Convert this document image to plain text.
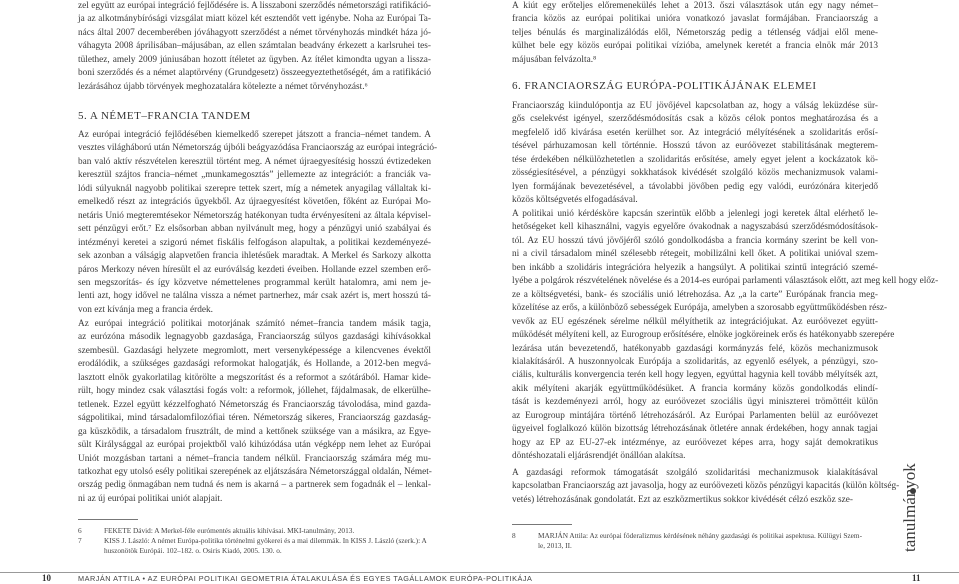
zel együtt az európai integráció fejlődésére is. A lisszaboni szerződés németországi ratifikáció-
ja az alkotmánybírósági vizsgálat miatt közel két esztendőt vett igénybe. Noha az Európai Ta-
nács által 2007 decemberében jóváhagyott szerződést a német törvényhozás mindkét háza jó-
váhagyta 2008 áprilisában–májusában, az ellen számtalan beadvány érkezett a karlsruhei tes-
tülethez, amely 2009 júniusában hozott ítéletet az ügyben. Az ítélet kimondta ugyan a lissza-
boni szerződés és a német alaptörvény (Grundgesetz) összeegyeztethetőségét, ám a ratifikáció
lezárásához újabb törvények meghozatalára kötelezte a német törvényhozást.⁶
5. A NÉMET–FRANCIA TANDEM
Az európai integráció fejlődésében kiemelkedő szerepet játszott a francia–német tandem. A
vesztes világháború után Németország újbóli beágyazódása Franciaország az európai integráció-
ban való aktív részvételen keresztül történt meg. A német újraegyesítésig hosszú évtizedeken
keresztül szájtos francia–német „munkamegosztás” jellemezte az integrációt: a franciák va-
lódi súlyuknál nagyobb politikai szerepre tettek szert, míg a németek anyagilag vállaltak ki-
emelkedő részt az integrációs ügyekből. Az újraegyesítést követően, főként az Európai Mo-
netáris Unió megteremtésekor Németország hatékonyan tudta érvényesíteni az általa képvisel-
sett pénzügyi erőt.⁷ Ez elsősorban abban nyilvánult meg, hogy a pénzügyi unió szabályai és
intézményi keretei a szigorú német fiskális felfogáson alapultak, a politikai kezdeményezé-
sek azonban a válságig alapvetően francia ihletésűek maradtak. A Merkel és Sarkozy alkotta
páros Merkozy néven híresült el az euróválság kezdeti éveiben. Hollande ezzel szemben erő-
sen megszorítás- és így közvetve némettelenes programmal került hatalomra, ami nem je-
lenti azt, hogy idővel ne találna vissza a német partnerhez, már csak azért is, mert hosszú tá-
von ezt kívánja meg a francia érdek.
Az európai integráció politikai motorjának számító német–francia tandem másik tagja,
az eurózóna második legnagyobb gazdasága, Franciaország súlyos gazdasági kihívásokkal
szembesül. Gazdasági helyzete megromlott, mert versenyképessége a kilencvenes évektől
erodálódik, a szükséges gazdasági reformokat halogatják, és Hollande, a 2012-ben megvá-
lasztott elnök gyakorlatilag kitörölte a megszorítást és a reformot a szótárából. Hamar kide-
rült, hogy mindez csak választási fogás volt: a reformok, jóllehet, fájdalmasak, de elkerülhe-
tetlenek. Ezzel együtt kézzelfogható Németország és Franciaország távolodása, mind gazda-
ságpolitikai, mind társadalomfilozófiai téren. Németország sikeres, Franciaország gazdaság-
ga küszködik, a társadalom frusztrált, de mind a kettőnek szüksége van a másikra, az Egye-
sült Királysággal az európai projektből való kihúzódása után végképp nem lehet az Európai
Uniót mozgásban tartani a német–francia tandem nélkül. Franciaország számára még mu-
tatkozhat egy utolsó esély politikai szerepének az eljátszására Németországgal oldalán, Német-
ország pedig önmagában nem tudná és nem is akarná – a partnerek sem fogadnák el – lenkal-
ni az új európai politikai uniót alapjait.
6	FEKETE Dávid: A Merkel-féle eurómentés aktuális kihívásai. MKI-tanulmány, 2013.
7	KISS J. László: A német Európa-politika történelmi gyökerei és a mai dilemmák. In KISS J. László (szerk.): A
huszonötök Európái. 102–182. o. Osiris Kiadó, 2005. 130. o.
A kiút egy erőteljes előremenekülés lehet a 2013. őszi választások után egy nagy német–
francia közös az európai politikai unióra vonatkozó javaslat formájában. Franciaország a
teljes bénulás és marginalizálódás elől, Németország pedig a tétlenség vádjai elől mene-
külhet bele egy közös európai politikai vízióba, amelynek keretét a francia elnök már 2013
májusában felvázolta.⁸
6. FRANCIAORSZÁG EURÓPA-POLITIKÁJÁNAK ELEMEI
Franciaország kiindulópontja az EU jövőjével kapcsolatban az, hogy a válság leküzdése sür-
gős cselekvést igényel, szerződésmódosítás csak a közös célok pontos meghatározása és a
megfelelő idő kivárása esetén kerülhet sor. Az integráció mélyítésének a szolidaritás erősí-
tésével párhuzamosan kell történnie. Hosszú távon az euróövezet stabilitásának megterem-
tése érdekében nélkülözhetetlen a szolidaritás erősítése, amely egyet jelent a kockázatok kö-
zösségiesítésével, a pénzügyi sokkhatások kivédését szolgáló közös mechanizmusok valami-
lyen formájának bevezetésével, a távolabbi jövőben pedig egy valódi, eurózónára kiterjedő
közös költségvetés elfogadásával.
A politikai unió kérdésköre kapcsán szerintük előbb a jelenlegi jogi keretek által elérhető le-
hetőségeket kell kihasználni, vagyis egyelőre óvakodnak a nagyszabású szerződésmódosítások-
tól. Az EU hosszú távú jövőjéről szóló gondolkodásba a francia kormány szerint be kell von-
ni a civil társadalom minél szélesebb rétegeit, mobilizálni kell őket. A politikai unióval szem-
ben inkább a szolidáris integrációra helyezik a hangsúlyt. A politikai szintű integráció szemé-
lyébe a polgárok részvételének növelése és a 2014-es európai parlamenti választások előtt, azt meg kell hogy előz-
ze a költségvetési, bank- és szociális unió létrehozása. Az „a la carte” Európának francia meg-
közelítése az erős, a különböző sebességek Európája, amelyben a szorosabb együttműködésben rész-
vevők az EU egészének sérelme nélkül mélyíthetik az integrációjukat. Az euróövezet együtt-
működését mélyíteni kell, az Eurogroup erősítésére, elnöke jogköreinek erős és hatékonyabb szerepére
lezárása után bevezetendő, hatékonyabb gazdasági kormányzás felé, közös mechanizmusok
kialakításáról. A huszonnyolcak Európája a szolidaritás, az egyenlő esélyek, a pénzügyi, szo-
ciális, kulturális konvergencia terén kell hogy legyen, egyúttal hagynia kell tovább mélyítsék azt,
akik mélyíteni akarják együttműködésüket. A francia kormány közös gondolkodás elindí-
tását is kezdeményezi arról, hogy az euróövezet szociális ügyi miniszterei trömöttéit külön
az Eurogroup mintájára történő létrehozásáról. Az Európai Parlamenten belül az euróövezet
ügyeivel foglalkozó külön bizottság létrehozásának ötletére annak érdekében, hogy annak tagjai
hogy az EP az EU-27-ek intézménye, az euróövezet képes arra, hogy saját demokratikus
döntéshozatali eljárásrendjét önállóan alakítsa.
A gazdasági reformok támogatását szolgáló szolidaritási mechanizmusok kialakításával
kapcsolatban Franciaország azt javasolja, hogy az euróövezeti közös pénzügyi kapacitás (külön költség-
vetés) létrehozásának gondolatát. Ezt az eszközmertikus sokkor kivédését célzó eszköz sze-
8	MARJÁN Attila: Az európai föderalizmus kérdésének néhány gazdasági és politikai aspektusa. Külügyi Szem-
le, 2013, II.	tanulmányok
10	MARJÁN ATTILA • AZ EURÓPAI POLITIKAI GEOMETRIA ÁTALAKULÁSA ÉS EGYES TAGÁLLAMOK EURÓPA-POLITIKÁJA	11
